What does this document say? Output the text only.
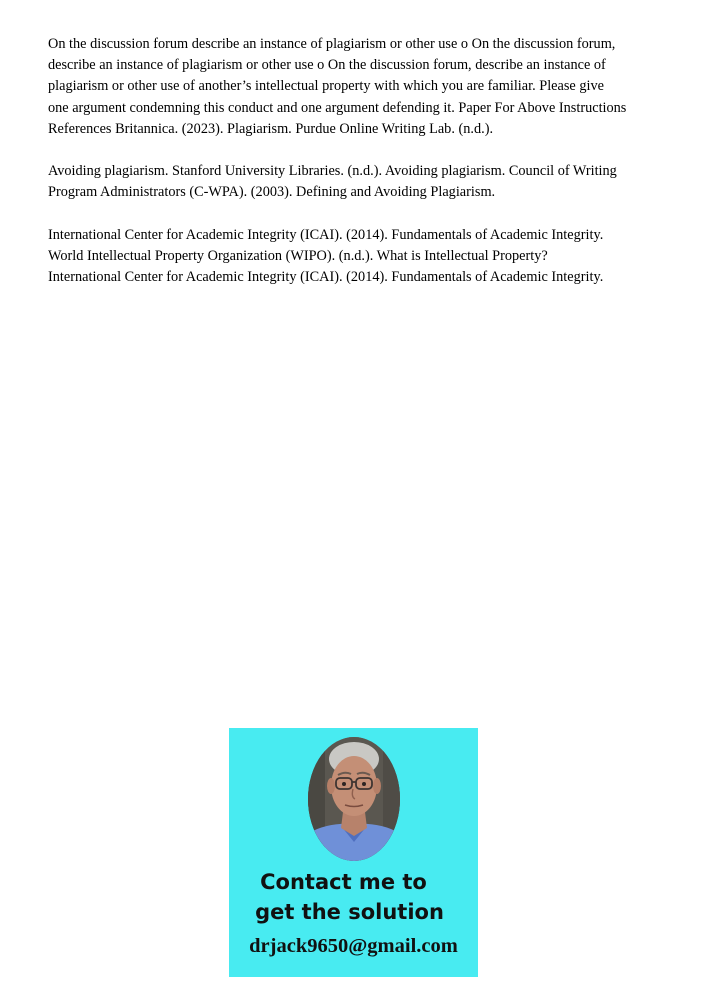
On the discussion forum describe an instance of plagiarism or other use o On the discussion forum,
describe an instance of plagiarism or other use o On the discussion forum, describe an instance of
plagiarism or other use of another’s intellectual property with which you are familiar. Please give
one argument condemning this conduct and one argument defending it. Paper For Above Instructions
References Britannica. (2023). Plagiarism. Purdue Online Writing Lab. (n.d.).

Avoiding plagiarism. Stanford University Libraries. (n.d.). Avoiding plagiarism. Council of Writing
Program Administrators (C-WPA). (2003). Defining and Avoiding Plagiarism.

International Center for Academic Integrity (ICAI). (2014). Fundamentals of Academic Integrity.
World Intellectual Property Organization (WIPO). (n.d.). What is Intellectual Property?
International Center for Academic Integrity (ICAI). (2014). Fundamentals of Academic Integrity.

Contact me to
get the solution
drjack9650@gmail.com
